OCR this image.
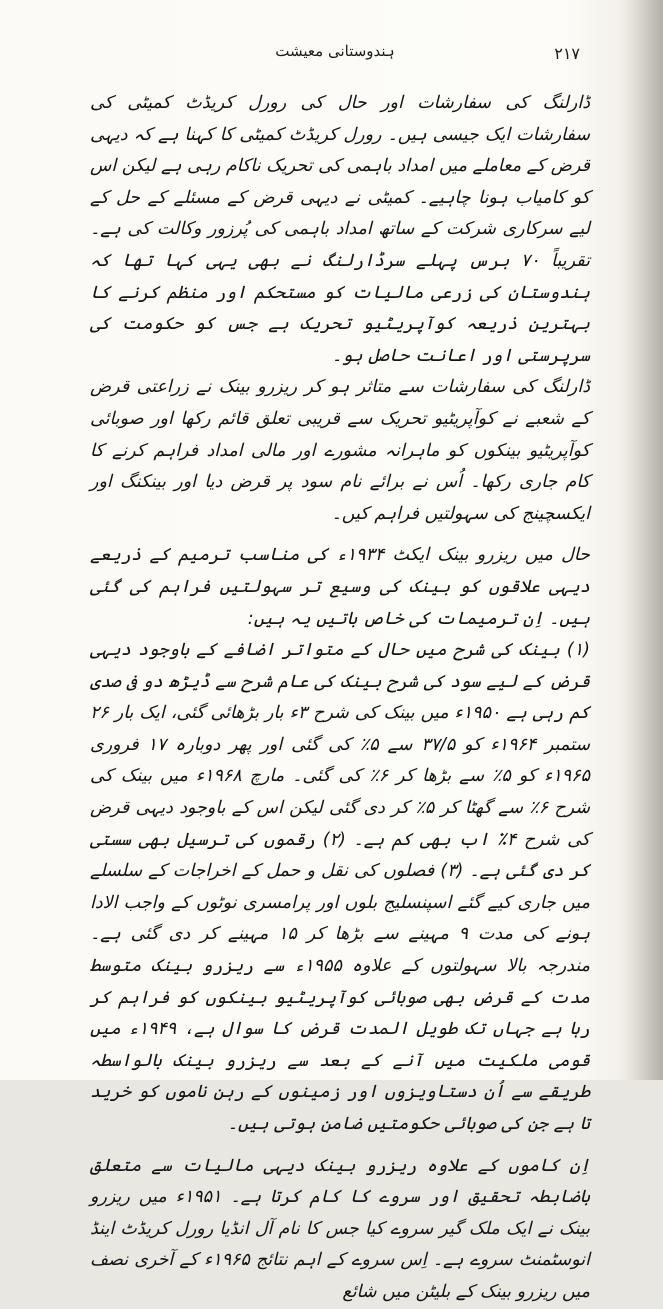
ہندوستانی معیشت	۲۱۷

ڈارلنگ کی سفارشات اور حال کی رورل کریڈٹ کمیٹی کی سفارشات ایک جیسی ہیں۔ رورل کریڈٹ کمیٹی کا کہنا ہے کہ دیہی قرض کے معاملے میں امداد باہمی کی تحریک ناکام رہی ہے لیکن اس کو کامیاب ہونا چاہیے۔ کمیٹی نے دیہی قرض کے مسئلے کے حل کے لیے سرکاری شرکت کے ساتھ امداد باہمی کی پُرزور وکالت کی ہے۔ تقریباً ۷۰ برس پہلے سرڈارلنگ نے بھی یہی کہا تھا کہ ہندوستان کی زرعی مالیات کو مستحکم اور منظم کرنے کا بہترین ذریعہ کوآپریٹیو تحریک ہے جس کو حکومت کی سرپرستی اور اعانت حاصل ہو۔

ڈارلنگ کی سفارشات سے متاثر ہو کر ریزرو بینک نے زراعتی قرض کے شعبے نے کوآپریٹیو تحریک سے قریبی تعلق قائم رکھا اور صوبائی کوآپریٹیو بینکوں کو ماہرانہ مشورے اور مالی امداد فراہم کرنے کا کام جاری رکھا۔ اُس نے برائے نام سود پر قرض دیا اور بینکنگ اور ایکسچینج کی سہولتیں فراہم کیں۔

حال میں ریزرو بینک ایکٹ ۱۹۳۴ء کی مناسب ترمیم کے ذریعے دیہی علاقوں کو بینک کی وسیع تر سہولتیں فراہم کی گئی ہیں۔ اِن ترمیمات کی خاص باتیں یہ ہیں:

(۱) بینک کی شرح میں حال کے متواتر اضافے کے باوجود دیہی قرض کے لیے سود کی شرح بینک کی عام شرح سے ڈیڑھ دو فی صدی کم رہی ہے ۱۹۵۰ء میں بینک کی شرح ۳ء بار بڑھائی گئی، ایک بار ۲۶ ستمبر ۱۹۶۴ء کو ۳۷/۵ سے ۵٪ کی گئی اور پھر دوبارہ ۱۷ فروری ۱۹۶۵ء کو ۵٪ سے بڑھا کر ۶٪ کی گئی۔ مارچ ۱۹۶۸ء میں بینک کی شرح ۶٪ سے گھٹا کر ۵٪ کر دی گئی لیکن اس کے باوجود دیہی قرض کی شرح ۴٪ اب بھی کم ہے۔ (۲) رقموں کی ترسیل بھی سستی کر دی گئی ہے۔ (۳) فصلوں کی نقل و حمل کے اخراجات کے سلسلے میں جاری کیے گئے اسپنسلیج بلوں اور پرامسری نوٹوں کے واجب الادا ہونے کی مدت ۹ مہینے سے بڑھا کر ۱۵ مہینے کر دی گئی ہے۔ مندرجہ بالا سہولتوں کے علاوہ ۱۹۵۵ء سے ریزرو بینک متوسط مدت کے قرض بھی صوبائی کوآپریٹیو بینکوں کو فراہم کر رہا ہے جہاں تک طویل المدت قرض کا سوال ہے، ۱۹۴۹ء میں قومی ملکیت میں آنے کے بعد سے ریزرو بینک بالواسطہ طریقے سے اُن دستاویزوں اور زمینوں کے رہن ناموں کو خرید تا ہے جن کی صوبائی حکومتیں ضامن ہوتی ہیں۔

اِن کاموں کے علاوہ ریزرو بینک دیہی مالیات سے متعلق باضابطہ تحقیق اور سروے کا کام کرتا ہے۔ ۱۹۵۱ء میں ریزرو بینک نے ایک ملک گیر سروے کیا جس کا نام آل انڈیا رورل کریڈٹ اینڈ انوسٹمنٹ سروے ہے۔ اِس سروے کے اہم نتائج ۱۹۶۵ء کے آخری نصف میں ریزرو بینک کے بلیٹن میں شائع
